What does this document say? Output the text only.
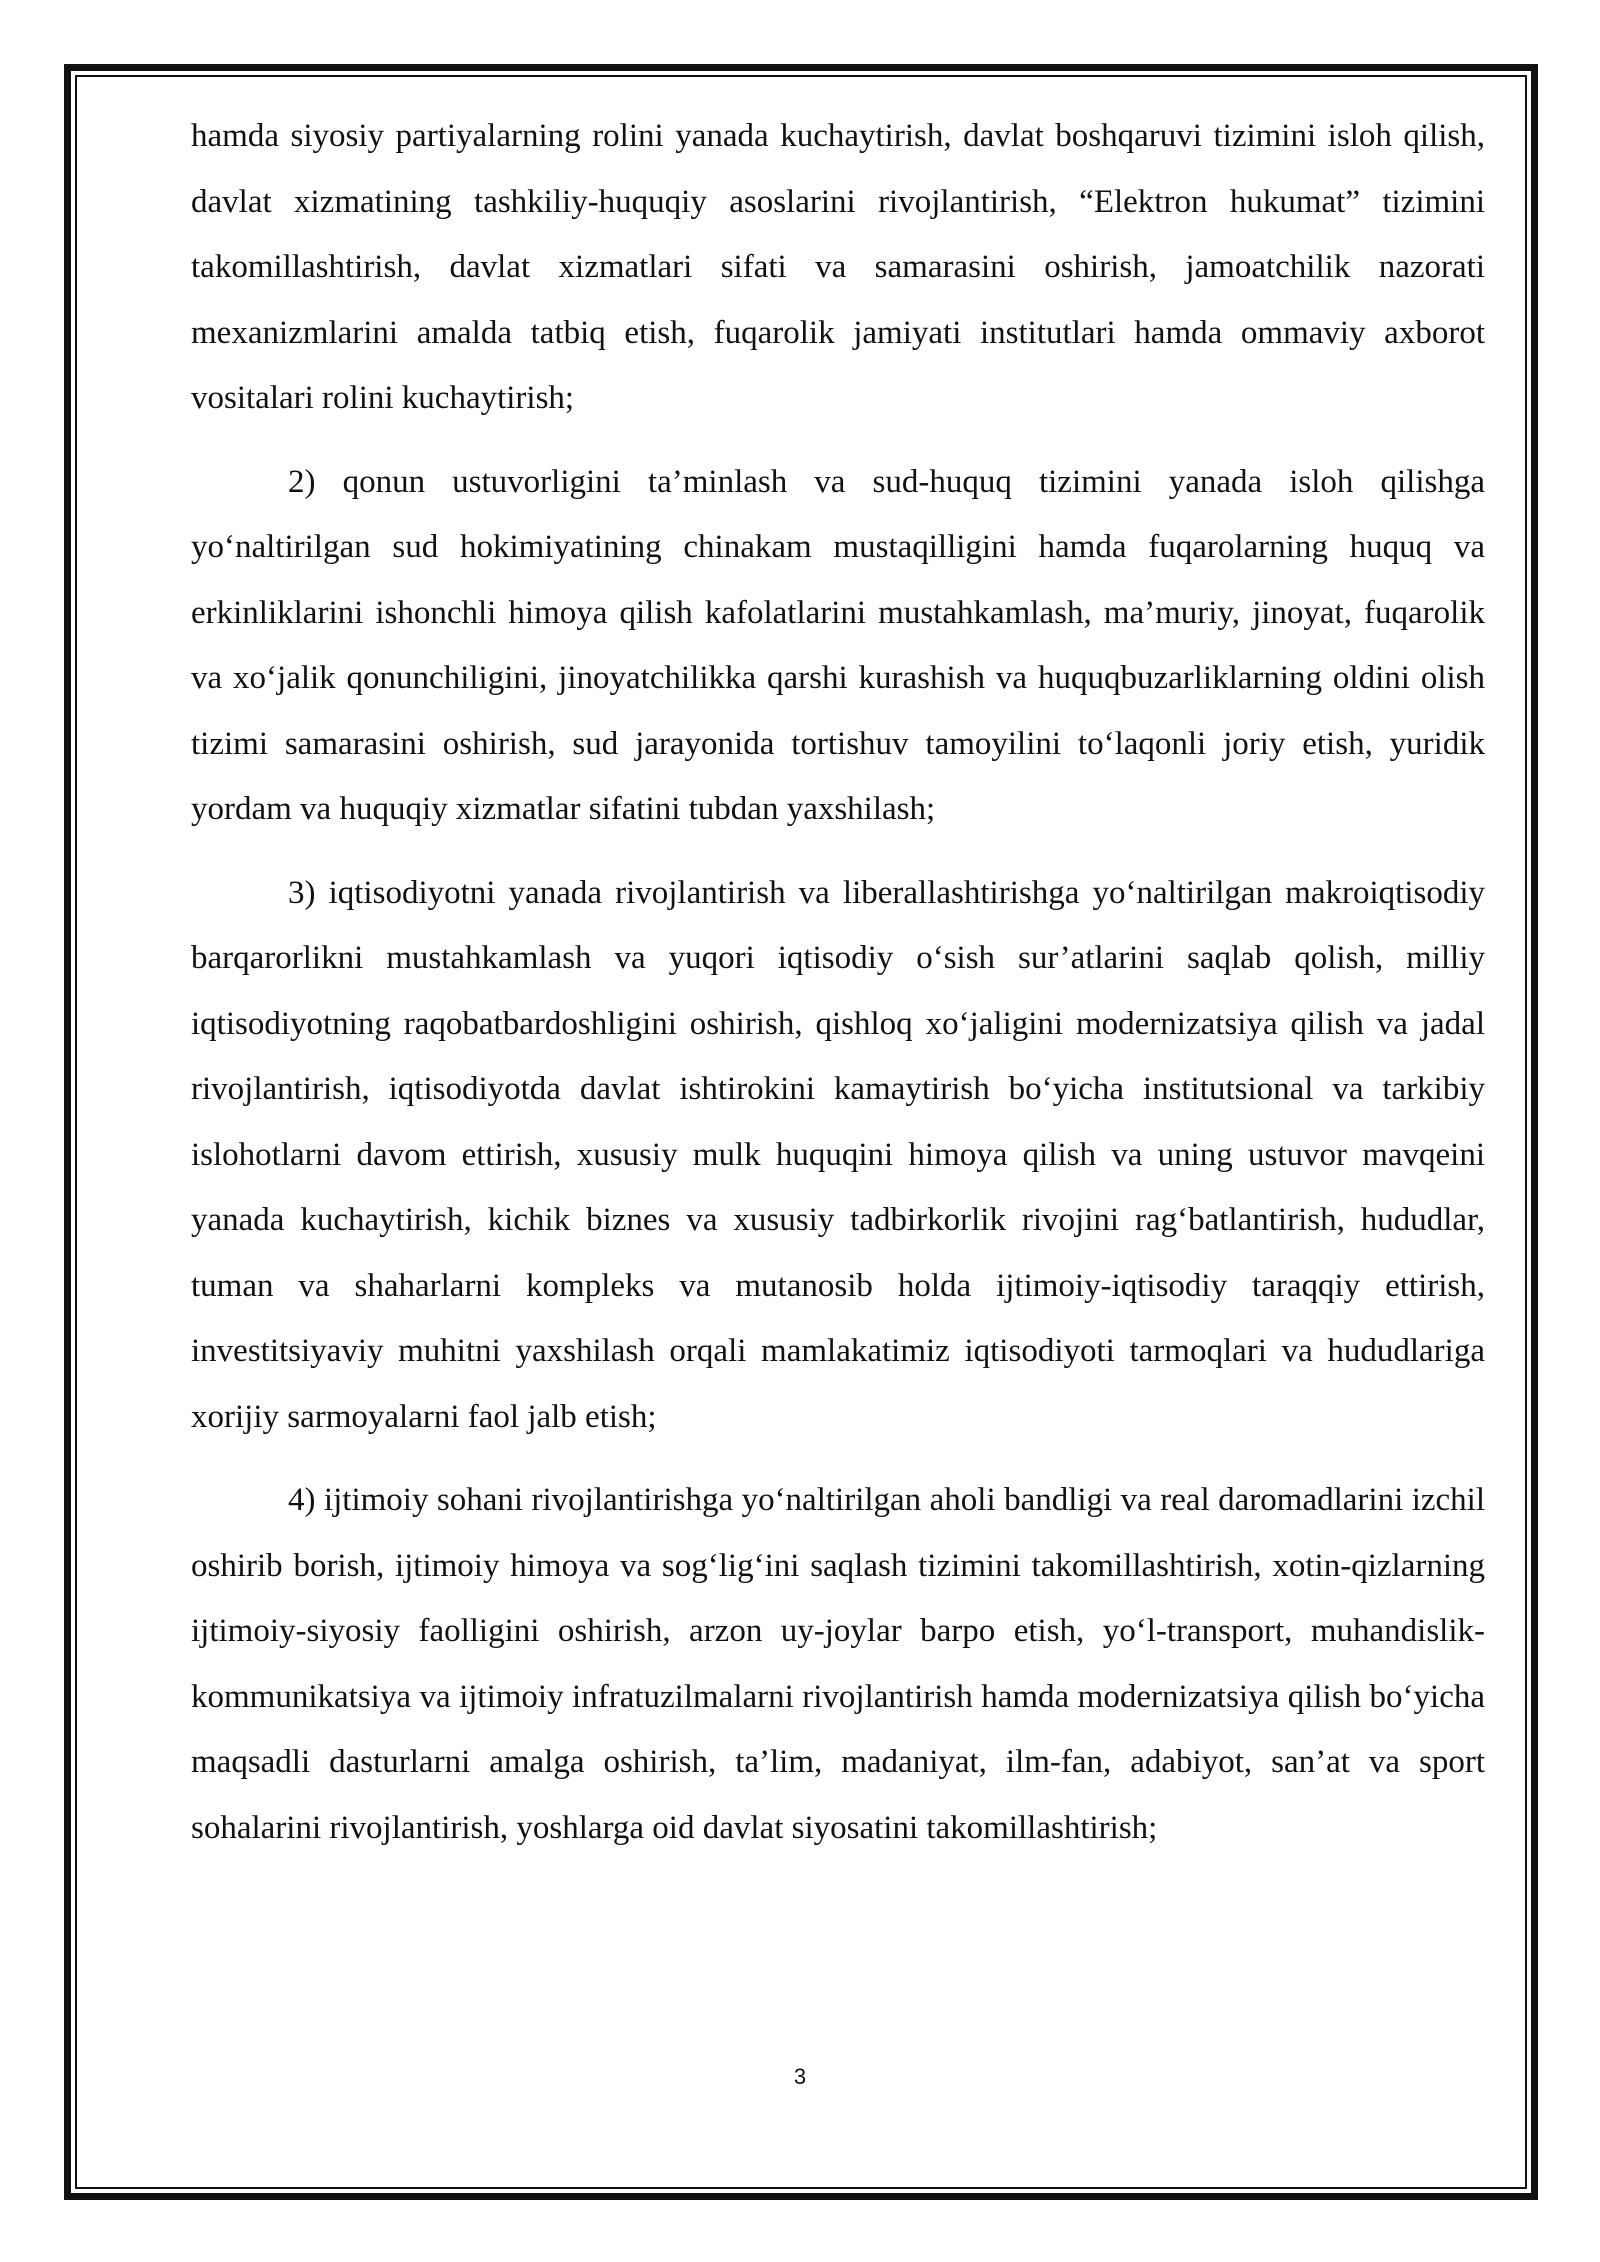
hamda siyosiy partiyalarning rolini yanada kuchaytirish, davlat boshqaruvi tizimini isloh qilish, davlat xizmatining tashkiliy-huquqiy asoslarini rivojlantirish, “Elektron hukumat” tizimini takomillashtirish, davlat xizmatlari sifati va samarasini oshirish, jamoatchilik nazorati mexanizmlarini amalda tatbiq etish, fuqarolik jamiyati institutlari hamda ommaviy axborot vositalari rolini kuchaytirish;

2) qonun ustuvorligini ta’minlash va sud-huquq tizimini yanada isloh qilishga yo‘naltirilgan sud hokimiyatining chinakam mustaqilligini hamda fuqarolarning huquq va erkinliklarini ishonchli himoya qilish kafolatlarini mustahkamlash, ma’muriy, jinoyat, fuqarolik va xo‘jalik qonunchiligini, jinoyatchilikka qarshi kurashish va huquqbuzarliklarning oldini olish tizimi samarasini oshirish, sud jarayonida tortishuv tamoyilini to‘laqonli joriy etish, yuridik yordam va huquqiy xizmatlar sifatini tubdan yaxshilash;

3) iqtisodiyotni yanada rivojlantirish va liberallashtirishga yo‘naltirilgan makroiqtisodiy barqarorlikni mustahkamlash va yuqori iqtisodiy o‘sish sur’atlarini saqlab qolish, milliy iqtisodiyotning raqobatbardoshligini oshirish, qishloq xo‘jaligini modernizatsiya qilish va jadal rivojlantirish, iqtisodiyotda davlat ishtirokini kamaytirish bo‘yicha institutsional va tarkibiy islohotlarni davom ettirish, xususiy mulk huquqini himoya qilish va uning ustuvor mavqeini yanada kuchaytirish, kichik biznes va xususiy tadbirkorlik rivojini rag‘batlantirish, hududlar, tuman va shaharlarni kompleks va mutanosib holda ijtimoiy-iqtisodiy taraqqiy ettirish, investitsiyaviy muhitni yaxshilash orqali mamlakatimiz iqtisodiyoti tarmoqlari va hududlariga xorijiy sarmoyalarni faol jalb etish;

4) ijtimoiy sohani rivojlantirishga yo‘naltirilgan aholi bandligi va real daromadlarini izchil oshirib borish, ijtimoiy himoya va sog‘lig‘ini saqlash tizimini takomillashtirish, xotin-qizlarning ijtimoiy-siyosiy faolligini oshirish, arzon uy-joylar barpo etish, yo‘l-transport, muhandislik-kommunikatsiya va ijtimoiy infratuzilmalarni rivojlantirish hamda modernizatsiya qilish bo‘yicha maqsadli dasturlarni amalga oshirish, ta’lim, madaniyat, ilm-fan, adabiyot, san’at va sport sohalarini rivojlantirish, yoshlarga oid davlat siyosatini takomillashtirish;

3
